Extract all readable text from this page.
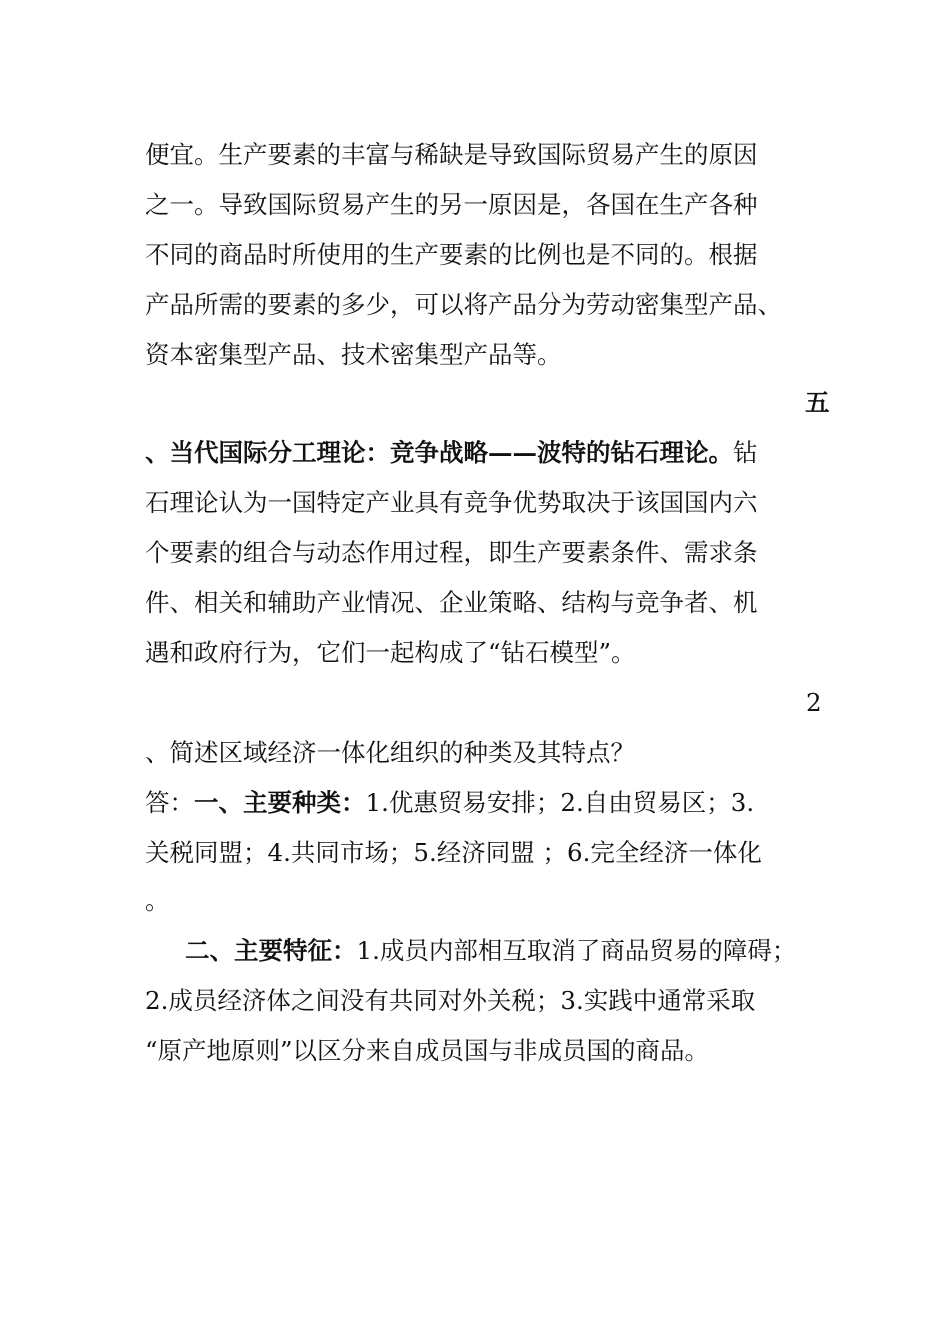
便宜。生产要素的丰富与稀缺是导致国际贸易产生的原因
之一。导致国际贸易产生的另一原因是，各国在生产各种
不同的商品时所使用的生产要素的比例也是不同的。根据
产品所需的要素的多少，可以将产品分为劳动密集型产品、
资本密集型产品、技术密集型产品等。
五
、当代国际分工理论：竞争战略——波特的钻石理论。钻
石理论认为一国特定产业具有竞争优势取决于该国国内六
个要素的组合与动态作用过程，即生产要素条件、需求条
件、相关和辅助产业情况、企业策略、结构与竞争者、机
遇和政府行为，它们一起构成了“钻石模型”。
2
、简述区域经济一体化组织的种类及其特点？
答：一、主要种类：1.优惠贸易安排；2.自由贸易区；3.
关税同盟；4.共同市场；5.经济同盟 ；6.完全经济一体化
。
二、主要特征：1.成员内部相互取消了商品贸易的障碍；
2.成员经济体之间没有共同对外关税；3.实践中通常采取
“原产地原则”以区分来自成员国与非成员国的商品。
